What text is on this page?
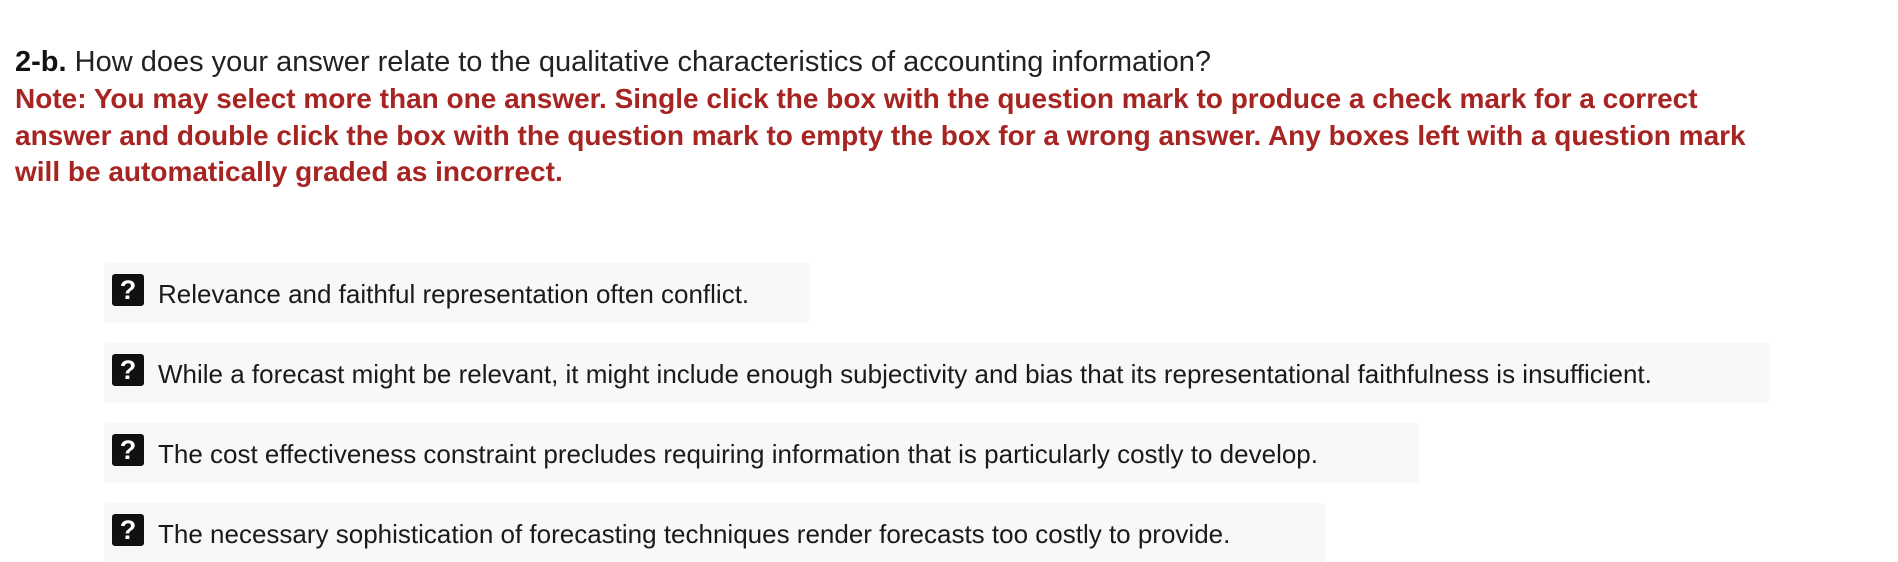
2-b. How does your answer relate to the qualitative characteristics of accounting information?
Note: You may select more than one answer. Single click the box with the question mark to produce a check mark for a correct
answer and double click the box with the question mark to empty the box for a wrong answer. Any boxes left with a question mark
will be automatically graded as incorrect.
? Relevance and faithful representation often conflict.
? While a forecast might be relevant, it might include enough subjectivity and bias that its representational faithfulness is insufficient.
? The cost effectiveness constraint precludes requiring information that is particularly costly to develop.
? The necessary sophistication of forecasting techniques render forecasts too costly to provide.
